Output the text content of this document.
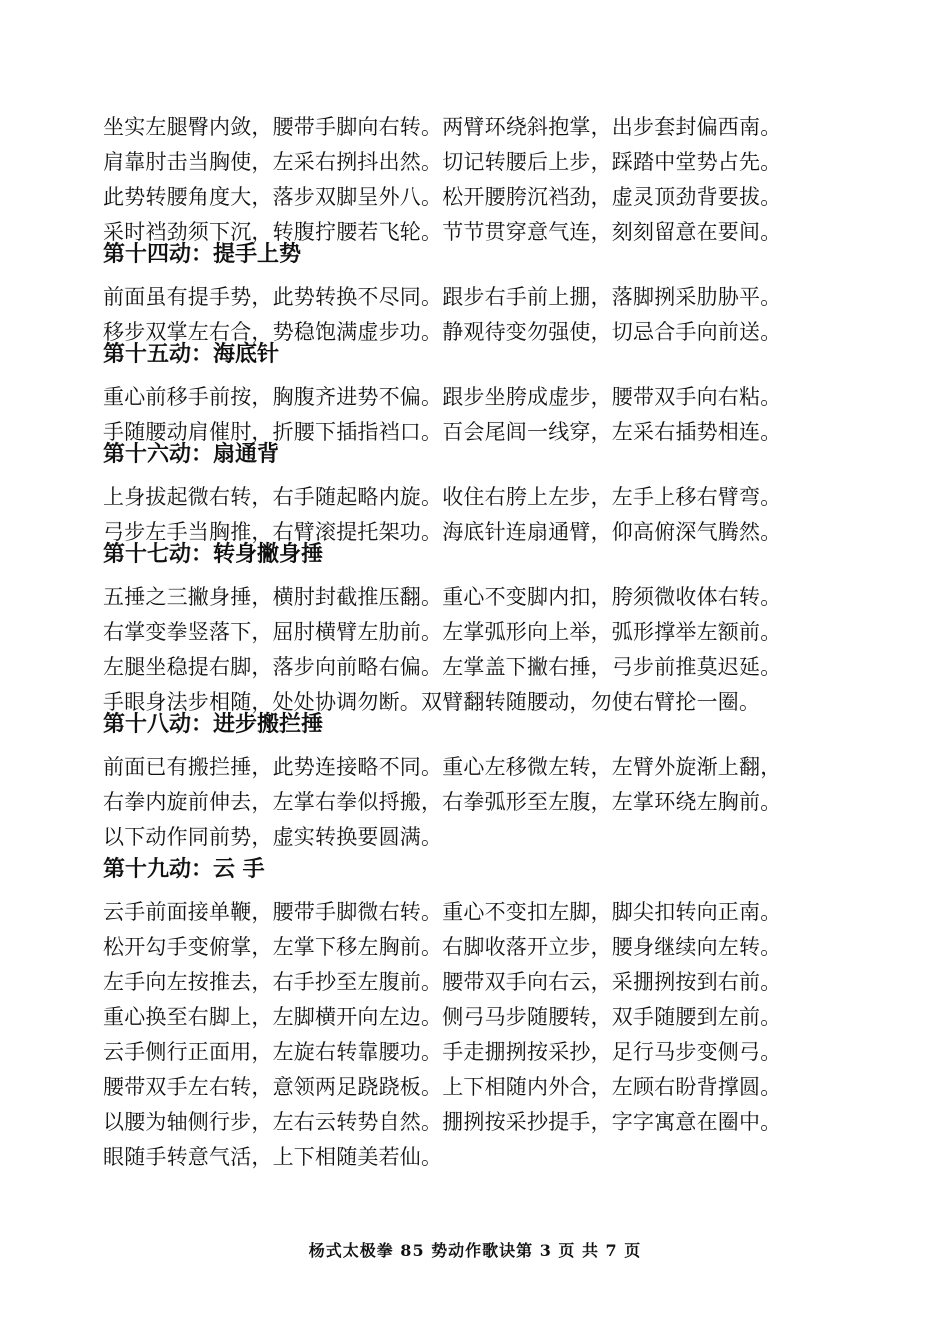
坐实左腿臀内敛，腰带手脚向右转。两臂环绕斜抱掌，出步套封偏西南。
肩靠肘击当胸使，左采右挒抖出然。切记转腰后上步，踩踏中堂势占先。
此势转腰角度大，落步双脚呈外八。松开腰胯沉裆劲，虚灵顶劲背要拔。
采时裆劲须下沉，转腹拧腰若飞轮。节节贯穿意气连，刻刻留意在要间。
第十四动：提手上势
前面虽有提手势，此势转换不尽同。跟步右手前上掤，落脚挒采肋胁平。
移步双掌左右合，势稳饱满虚步功。静观待变勿强使，切忌合手向前送。
第十五动：海底针
重心前移手前按，胸腹齐进势不偏。跟步坐胯成虚步，腰带双手向右粘。
手随腰动肩催肘，折腰下插指裆口。百会尾闾一线穿，左采右插势相连。
第十六动：扇通背
上身拔起微右转，右手随起略内旋。收住右胯上左步，左手上移右臂弯。
弓步左手当胸推，右臂滚提托架功。海底针连扇通臂，仰高俯深气腾然。
第十七动：转身撇身捶
五捶之三撇身捶，横肘封截推压翻。重心不变脚内扣，胯须微收体右转。
右掌变拳竖落下，屈肘横臂左肋前。左掌弧形向上举，弧形撑举左额前。
左腿坐稳提右脚，落步向前略右偏。左掌盖下撇右捶，弓步前推莫迟延。
手眼身法步相随，处处协调勿断。双臂翻转随腰动，勿使右臂抡一圈。
第十八动：进步搬拦捶
前面已有搬拦捶，此势连接略不同。重心左移微左转，左臂外旋渐上翻，
右拳内旋前伸去，左掌右拳似捋搬，右拳弧形至左腹，左掌环绕左胸前。
以下动作同前势，虚实转换要圆满。
第十九动：云 手
云手前面接单鞭，腰带手脚微右转。重心不变扣左脚，脚尖扣转向正南。
松开勾手变俯掌，左掌下移左胸前。右脚收落开立步，腰身继续向左转。
左手向左按推去，右手抄至左腹前。腰带双手向右云，采掤挒按到右前。
重心换至右脚上，左脚横开向左边。侧弓马步随腰转，双手随腰到左前。
云手侧行正面用，左旋右转靠腰功。手走掤挒按采抄，足行马步变侧弓。
腰带双手左右转，意领两足跷跷板。上下相随内外合，左顾右盼背撑圆。
以腰为轴侧行步，左右云转势自然。掤挒按采抄提手，字字寓意在圈中。
眼随手转意气活，上下相随美若仙。
杨式太极拳 85 势动作歌诀第 3 页 共 7 页
